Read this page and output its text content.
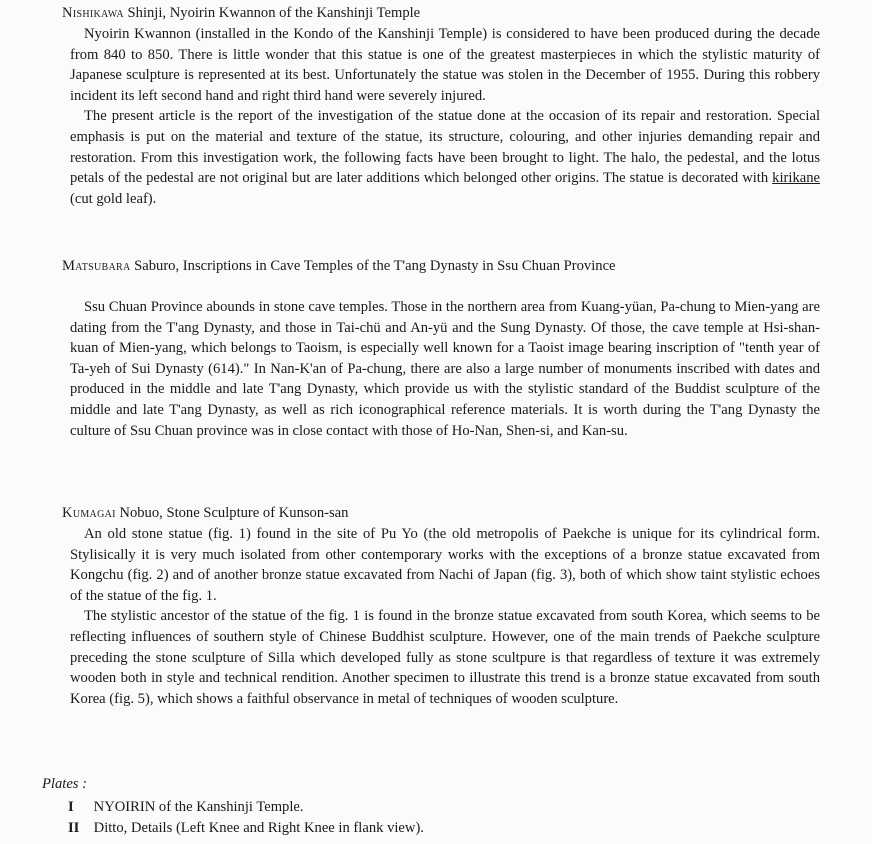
Nishikawa Shinji, Nyoirin Kwannon of the Kanshinji Temple

Nyoirin Kwannon (installed in the Kondo of the Kanshinji Temple) is considered to have been produced during the decade from 840 to 850. There is little wonder that this statue is one of the greatest masterpieces in which the stylistic maturity of Japanese sculpture is represented at its best. Unfortunately the statue was stolen in the December of 1955. During this robbery incident its left second hand and right third hand were severely injured.

The present article is the report of the investigation of the statue done at the occasion of its repair and restoration. Special emphasis is put on the material and texture of the statue, its structure, colouring, and other injuries demanding repair and restoration. From this investigation work, the following facts have been brought to light. The halo, the pedestal, and the lotus petals of the pedestal are not original but are later additions which belonged other origins. The statue is decorated with kirikane (cut gold leaf).

Matsubara Saburo, Inscriptions in Cave Temples of the T'ang Dynasty in Ssu Chuan Province

Ssu Chuan Province abounds in stone cave temples. Those in the northern area from Kuang-yüan, Pa-chung to Mien-yang are dating from the T'ang Dynasty, and those in Tai-chü and An-yü and the Sung Dynasty. Of those, the cave temple at Hsi-shan-kuan of Mien-yang, which belongs to Taoism, is especially well known for a Taoist image bearing inscription of "tenth year of Ta-yeh of Sui Dynasty (614)." In Nan-K'an of Pa-chung, there are also a large number of monuments inscribed with dates and produced in the middle and late T'ang Dynasty, which provide us with the stylistic standard of the Buddist sculpture of the middle and late T'ang Dynasty, as well as rich iconographical reference materials. It is worth during the T'ang Dynasty the culture of Ssu Chuan province was in close contact with those of Ho-Nan, Shen-si, and Kan-su.

Kumagai Nobuo, Stone Sculpture of Kunson-san

An old stone statue (fig. 1) found in the site of Pu Yo (the old metropolis of Paekche is unique for its cylindrical form. Stylisically it is very much isolated from other contemporary works with the exceptions of a bronze statue excavated from Kongchu (fig. 2) and of another bronze statue excavated from Nachi of Japan (fig. 3), both of which show taint stylistic echoes of the statue of the fig. 1.

The stylistic ancestor of the statue of the fig. 1 is found in the bronze statue excavated from south Korea, which seems to be reflecting influences of southern style of Chinese Buddhist sculpture. However, one of the main trends of Paekche sculpture preceding the stone sculpture of Silla which developed fully as stone scultpure is that regardless of texture it was extremely wooden both in style and technical rendition. Another specimen to illustrate this trend is a bronze statue excavated from south Korea (fig. 5), which shows a faithful observance in metal of techniques of wooden sculpture.

Plates :
I NYOIRIN of the Kanshinji Temple.
II Ditto, Details (Left Knee and Right Knee in flank view).
